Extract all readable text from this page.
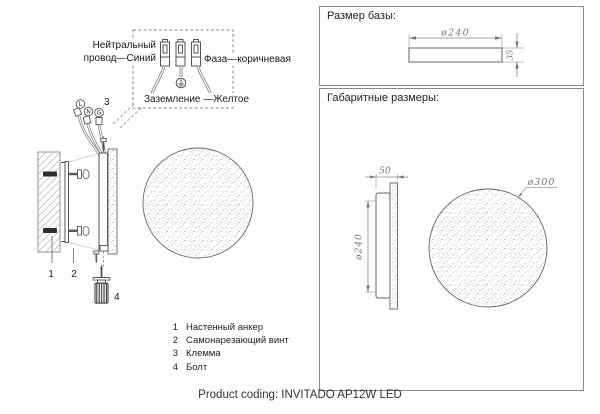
L
N G
3
4
1 2
Нейтральный
провод—Синий	Фаза—коричневая
Заземление —Желтое
1 Настенный анкер
2 Самонарезающий винт
3 Клемма
4 Болт
Размер базы:
ø240
35
Габаритные размеры:
50
ø240
ø300
Product coding: INVITADO AP12W LED
